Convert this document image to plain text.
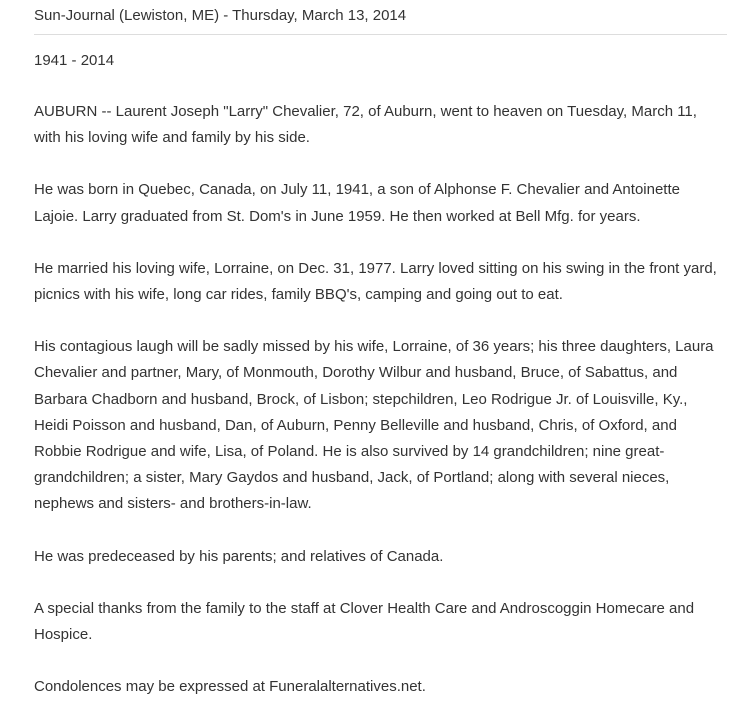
Sun-Journal (Lewiston, ME) - Thursday, March 13, 2014
1941 - 2014

AUBURN -- Laurent Joseph "Larry" Chevalier, 72, of Auburn, went to heaven on Tuesday, March 11, with his loving wife and family by his side.

He was born in Quebec, Canada, on July 11, 1941, a son of Alphonse F. Chevalier and Antoinette Lajoie. Larry graduated from St. Dom's in June 1959. He then worked at Bell Mfg. for years.

He married his loving wife, Lorraine, on Dec. 31, 1977. Larry loved sitting on his swing in the front yard, picnics with his wife, long car rides, family BBQ's, camping and going out to eat.

His contagious laugh will be sadly missed by his wife, Lorraine, of 36 years; his three daughters, Laura Chevalier and partner, Mary, of Monmouth, Dorothy Wilbur and husband, Bruce, of Sabattus, and Barbara Chadborn and husband, Brock, of Lisbon; stepchildren, Leo Rodrigue Jr. of Louisville, Ky., Heidi Poisson and husband, Dan, of Auburn, Penny Belleville and husband, Chris, of Oxford, and Robbie Rodrigue and wife, Lisa, of Poland. He is also survived by 14 grandchildren; nine great-grandchildren; a sister, Mary Gaydos and husband, Jack, of Portland; along with several nieces, nephews and sisters- and brothers-in-law.

He was predeceased by his parents; and relatives of Canada.

A special thanks from the family to the staff at Clover Health Care and Androscoggin Homecare and Hospice.

Condolences may be expressed at Funeralalternatives.net.
